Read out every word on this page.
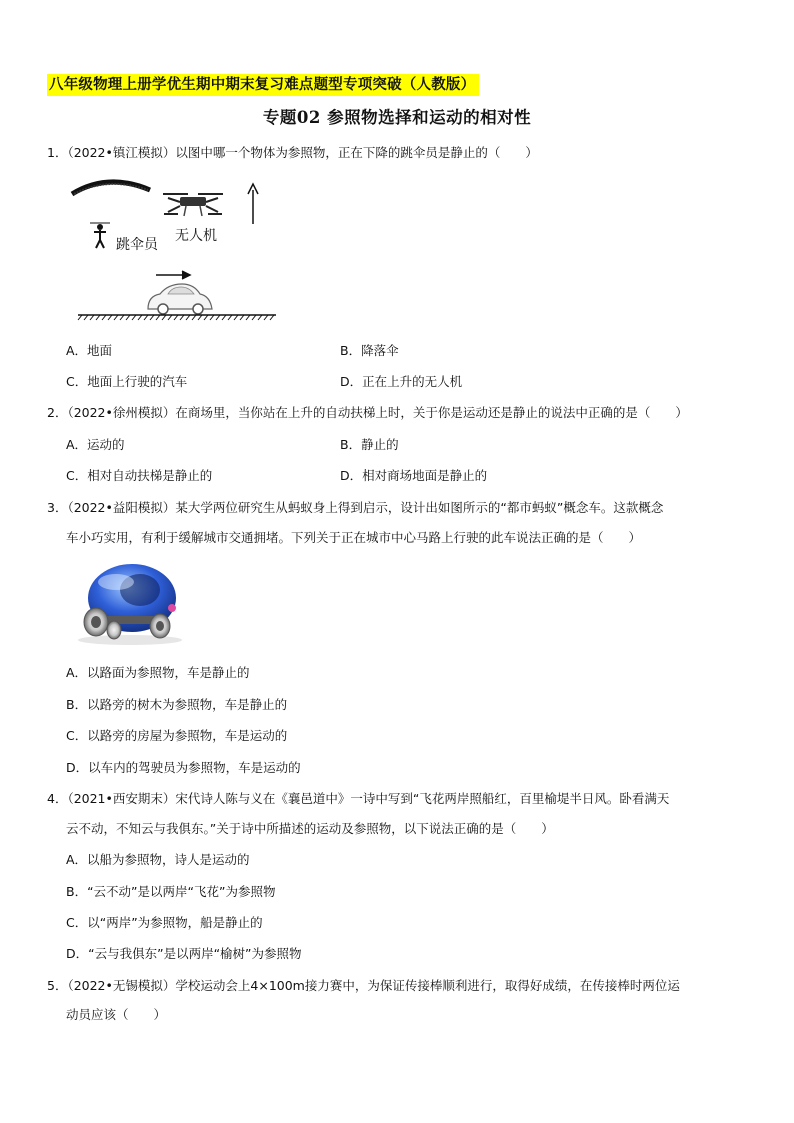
八年级物理上册学优生期中期末复习难点题型专项突破（人教版）
专题02 参照物选择和运动的相对性
1．（2022•镇江模拟）以图中哪一个物体为参照物，正在下降的跳伞员是静止的（　　）
跳伞员
无人机
A．地面	B．降落伞
C．地面上行驶的汽车	D．正在上升的无人机
2．（2022•徐州模拟）在商场里，当你站在上升的自动扶梯上时，关于你是运动还是静止的说法中正确的是（　　）
A．运动的	B．静止的
C．相对自动扶梯是静止的	D．相对商场地面是静止的
3．（2022•益阳模拟）某大学两位研究生从蚂蚁身上得到启示，设计出如图所示的“都市蚂蚁”概念车。这款概念
车小巧实用，有利于缓解城市交通拥堵。下列关于正在城市中心马路上行驶的此车说法正确的是（　　）
A．以路面为参照物，车是静止的
B．以路旁的树木为参照物，车是静止的
C．以路旁的房屋为参照物，车是运动的
D．以车内的驾驶员为参照物，车是运动的
4．（2021•西安期末）宋代诗人陈与义在《襄邑道中》一诗中写到“飞花两岸照船红，百里榆堤半日风。卧看满天
云不动，不知云与我俱东。”关于诗中所描述的运动及参照物，以下说法正确的是（　　）
A．以船为参照物，诗人是运动的
B．“云不动”是以两岸“飞花”为参照物
C．以“两岸”为参照物，船是静止的
D．“云与我俱东”是以两岸“榆树”为参照物
5．（2022•无锡模拟）学校运动会上4×100m接力赛中，为保证传接棒顺利进行，取得好成绩，在传接棒时两位运
动员应该（　　）
